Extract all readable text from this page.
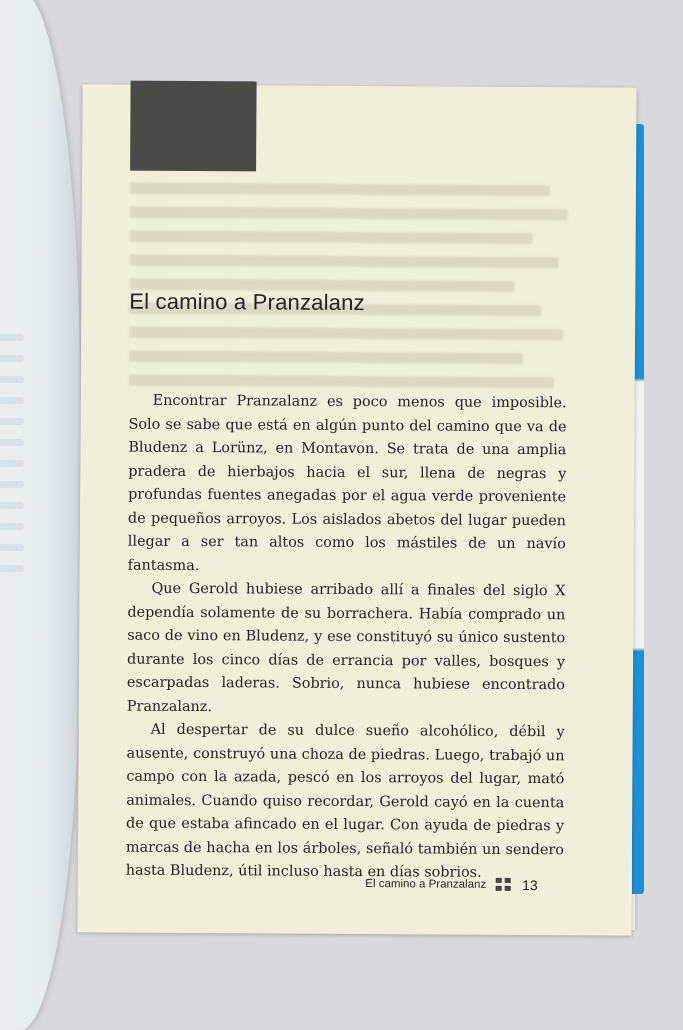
El camino a Pranzalanz

Encontrar Pranzalanz es poco menos que imposible. Solo se sabe que está en algún punto del camino que va de Bludenz a Lorünz, en Montavon. Se trata de una amplia pradera de hierbajos hacia el sur, llena de negras y profundas fuentes anegadas por el agua verde proveniente de pequeños arroyos. Los aislados abetos del lugar pueden llegar a ser tan altos como los mástiles de un navío fantasma.

Que Gerold hubiese arribado allí a finales del siglo X dependía solamente de su borrachera. Había comprado un saco de vino en Bludenz, y ese constituyó su único sustento durante los cinco días de errancia por valles, bosques y escarpadas laderas. Sobrio, nunca hubiese encontrado Pranzalanz.

Al despertar de su dulce sueño alcohólico, débil y ausente, construyó una choza de piedras. Luego, trabajó un campo con la azada, pescó en los arroyos del lugar, mató animales. Cuando quiso recordar, Gerold cayó en la cuenta de que estaba afincado en el lugar. Con ayuda de piedras y marcas de hacha en los árboles, señaló también un sendero hasta Bludenz, útil incluso hasta en días sobrios.

El camino a Pranzalanz	13
